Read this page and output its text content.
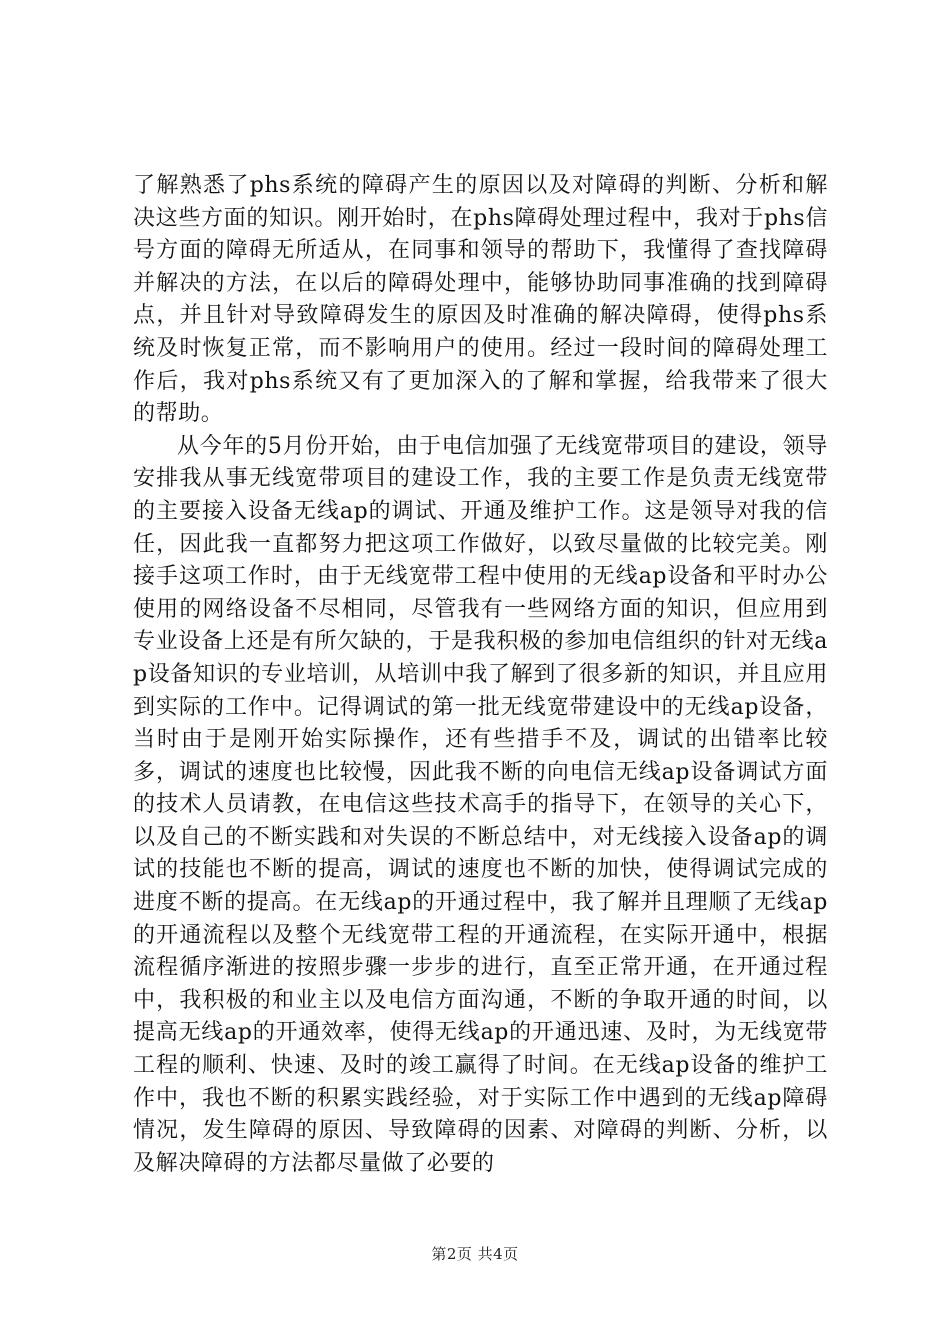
了解熟悉了phs系统的障碍产生的原因以及对障碍的判断、分析和解决这些方面的知识。刚开始时，在phs障碍处理过程中，我对于phs信号方面的障碍无所适从，在同事和领导的帮助下，我懂得了查找障碍并解决的方法，在以后的障碍处理中，能够协助同事准确的找到障碍点，并且针对导致障碍发生的原因及时准确的解决障碍，使得phs系统及时恢复正常，而不影响用户的使用。经过一段时间的障碍处理工作后，我对phs系统又有了更加深入的了解和掌握，给我带来了很大的帮助。

从今年的5月份开始，由于电信加强了无线宽带项目的建设，领导安排我从事无线宽带项目的建设工作，我的主要工作是负责无线宽带的主要接入设备无线ap的调试、开通及维护工作。这是领导对我的信任，因此我一直都努力把这项工作做好，以致尽量做的比较完美。刚接手这项工作时，由于无线宽带工程中使用的无线ap设备和平时办公使用的网络设备不尽相同，尽管我有一些网络方面的知识，但应用到专业设备上还是有所欠缺的，于是我积极的参加电信组织的针对无线ap设备知识的专业培训，从培训中我了解到了很多新的知识，并且应用到实际的工作中。记得调试的第一批无线宽带建设中的无线ap设备，当时由于是刚开始实际操作，还有些措手不及，调试的出错率比较多，调试的速度也比较慢，因此我不断的向电信无线ap设备调试方面的技术人员请教，在电信这些技术高手的指导下，在领导的关心下，以及自己的不断实践和对失误的不断总结中，对无线接入设备ap的调试的技能也不断的提高，调试的速度也不断的加快，使得调试完成的进度不断的提高。在无线ap的开通过程中，我了解并且理顺了无线ap的开通流程以及整个无线宽带工程的开通流程，在实际开通中，根据流程循序渐进的按照步骤一步步的进行，直至正常开通，在开通过程中，我积极的和业主以及电信方面沟通，不断的争取开通的时间，以提高无线ap的开通效率，使得无线ap的开通迅速、及时，为无线宽带工程的顺利、快速、及时的竣工赢得了时间。在无线ap设备的维护工作中，我也不断的积累实践经验，对于实际工作中遇到的无线ap障碍情况，发生障碍的原因、导致障碍的因素、对障碍的判断、分析，以及解决障碍的方法都尽量做了必要的

第2页 共4页
